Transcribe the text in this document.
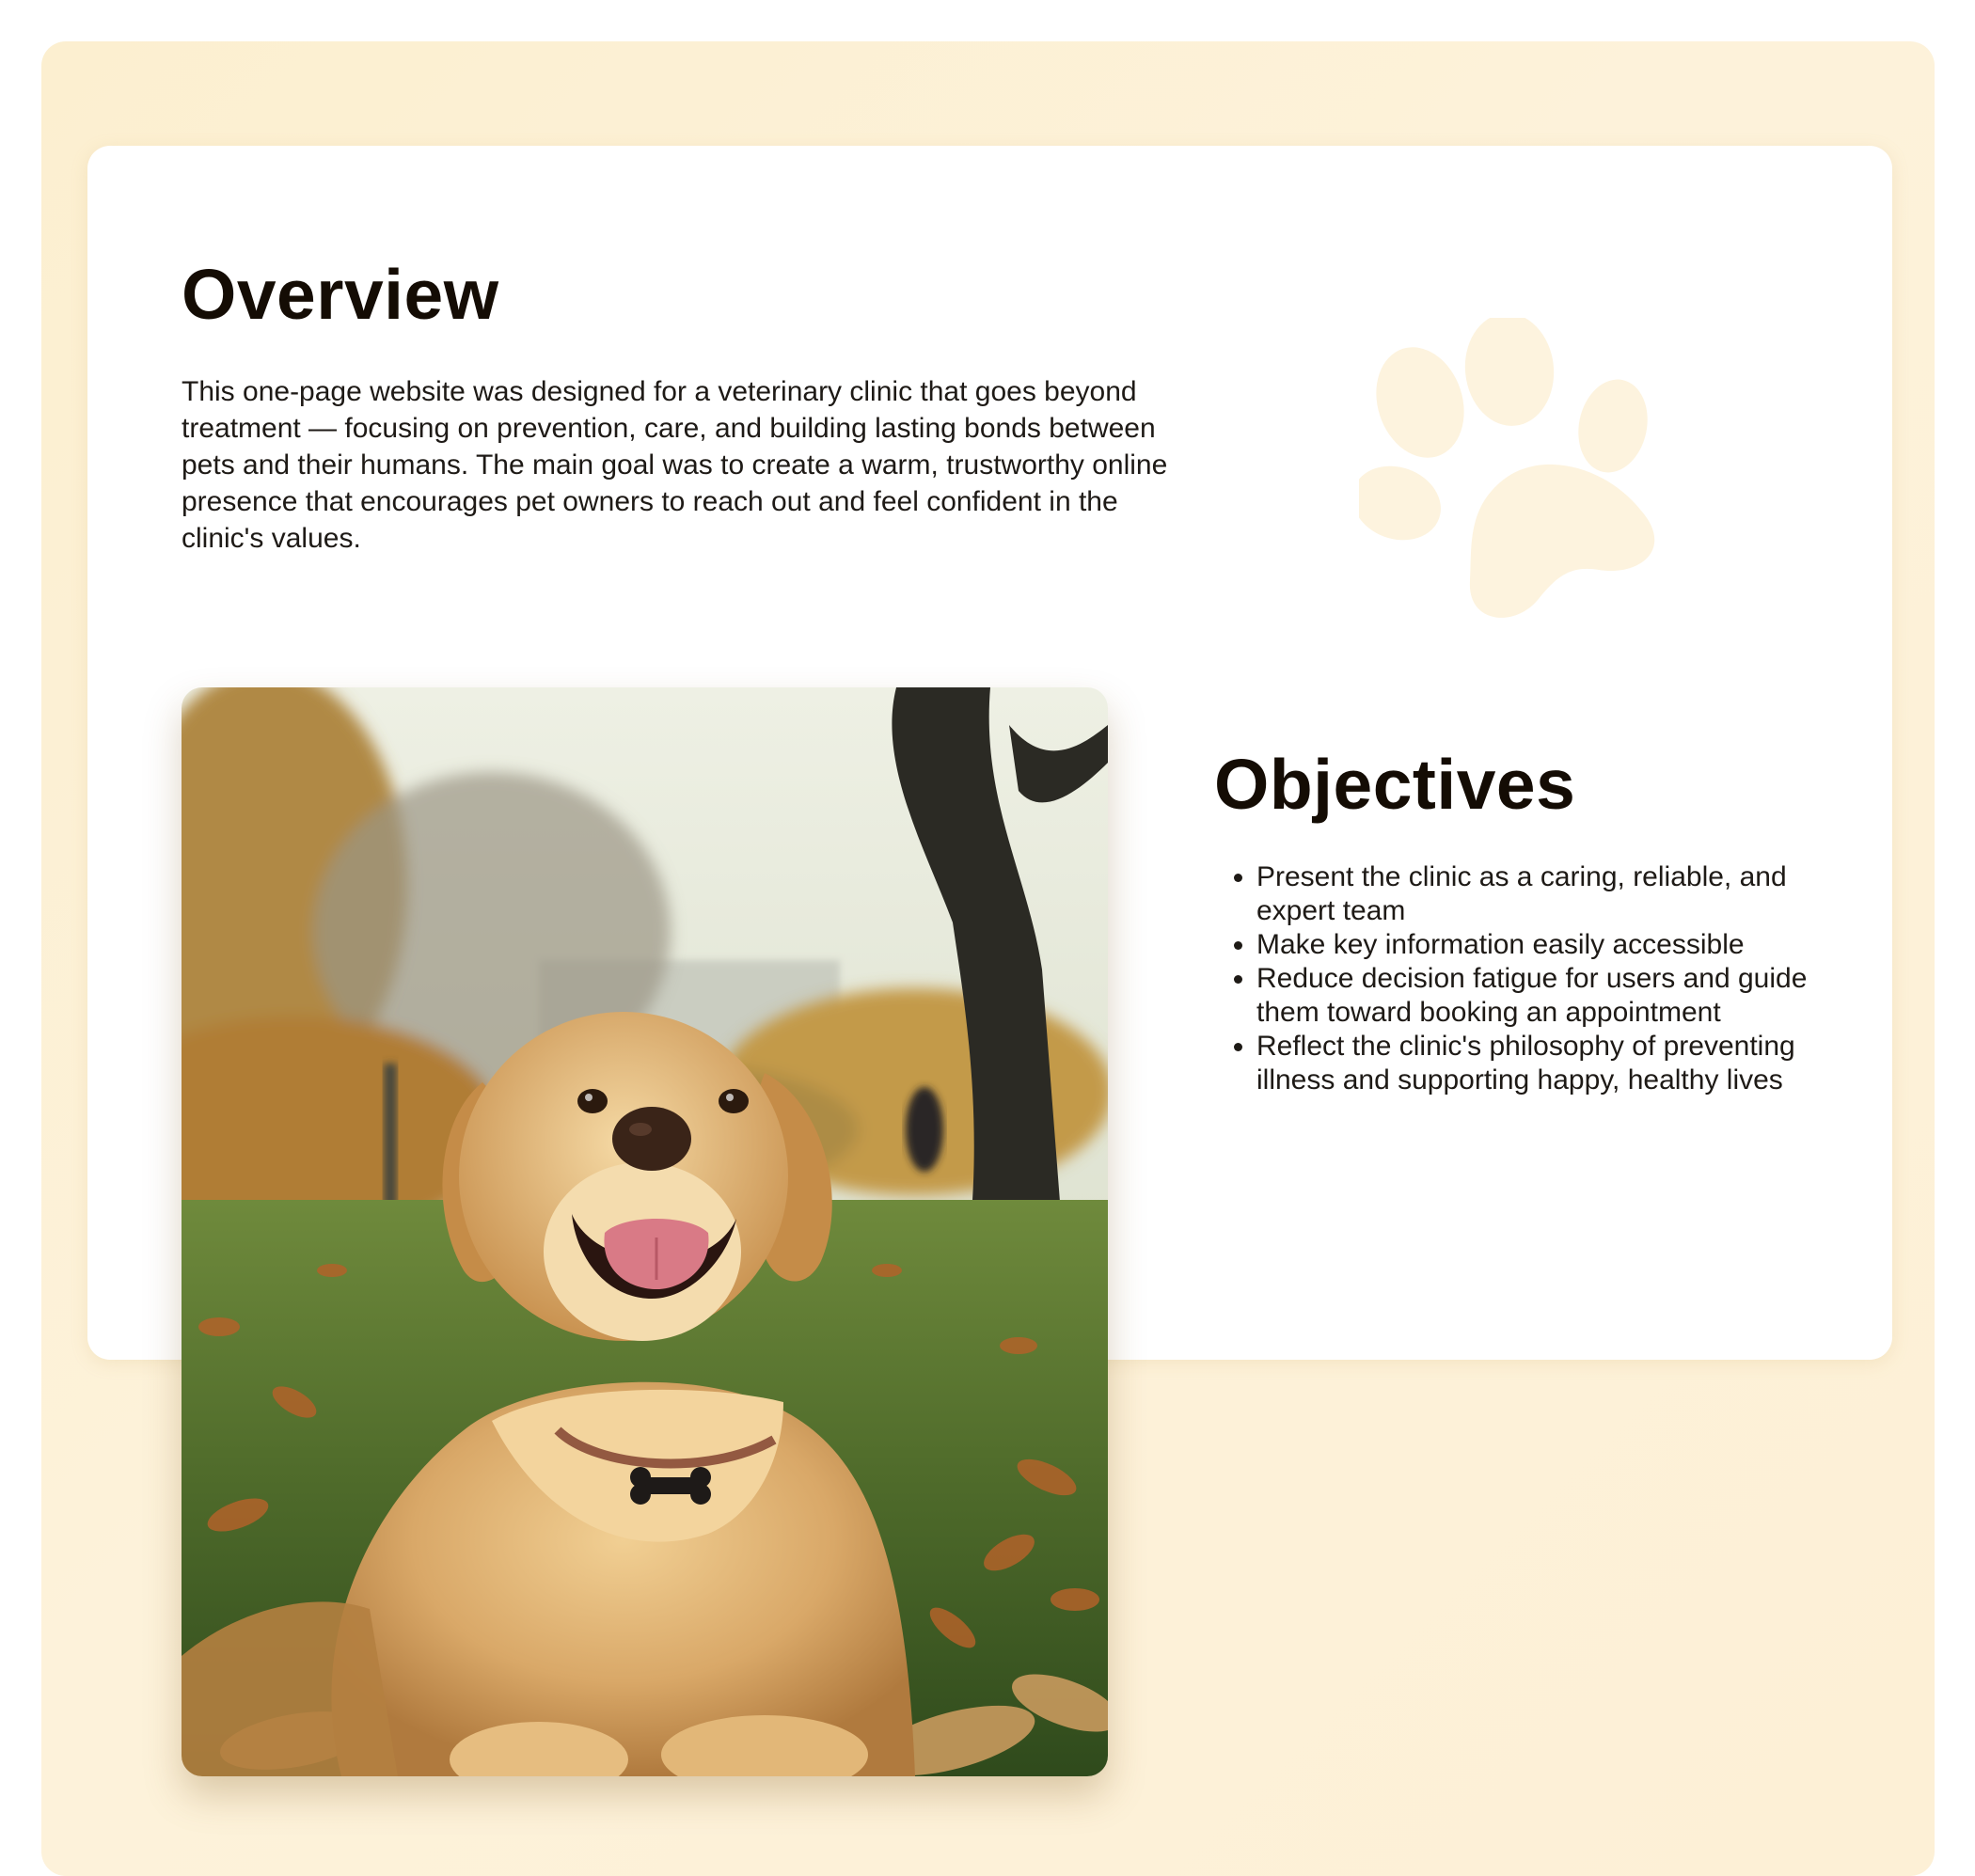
Overview

This one-page website was designed for a veterinary clinic that goes beyond treatment — focusing on prevention, care, and building lasting bonds between pets and their humans. The main goal was to create a warm, trustworthy online presence that encourages pet owners to reach out and feel confident in the clinic's values.

Objectives
• Present the clinic as a caring, reliable, and expert team
• Make key information easily accessible
• Reduce decision fatigue for users and guide them toward booking an appointment
• Reflect the clinic's philosophy of preventing illness and supporting happy, healthy lives
